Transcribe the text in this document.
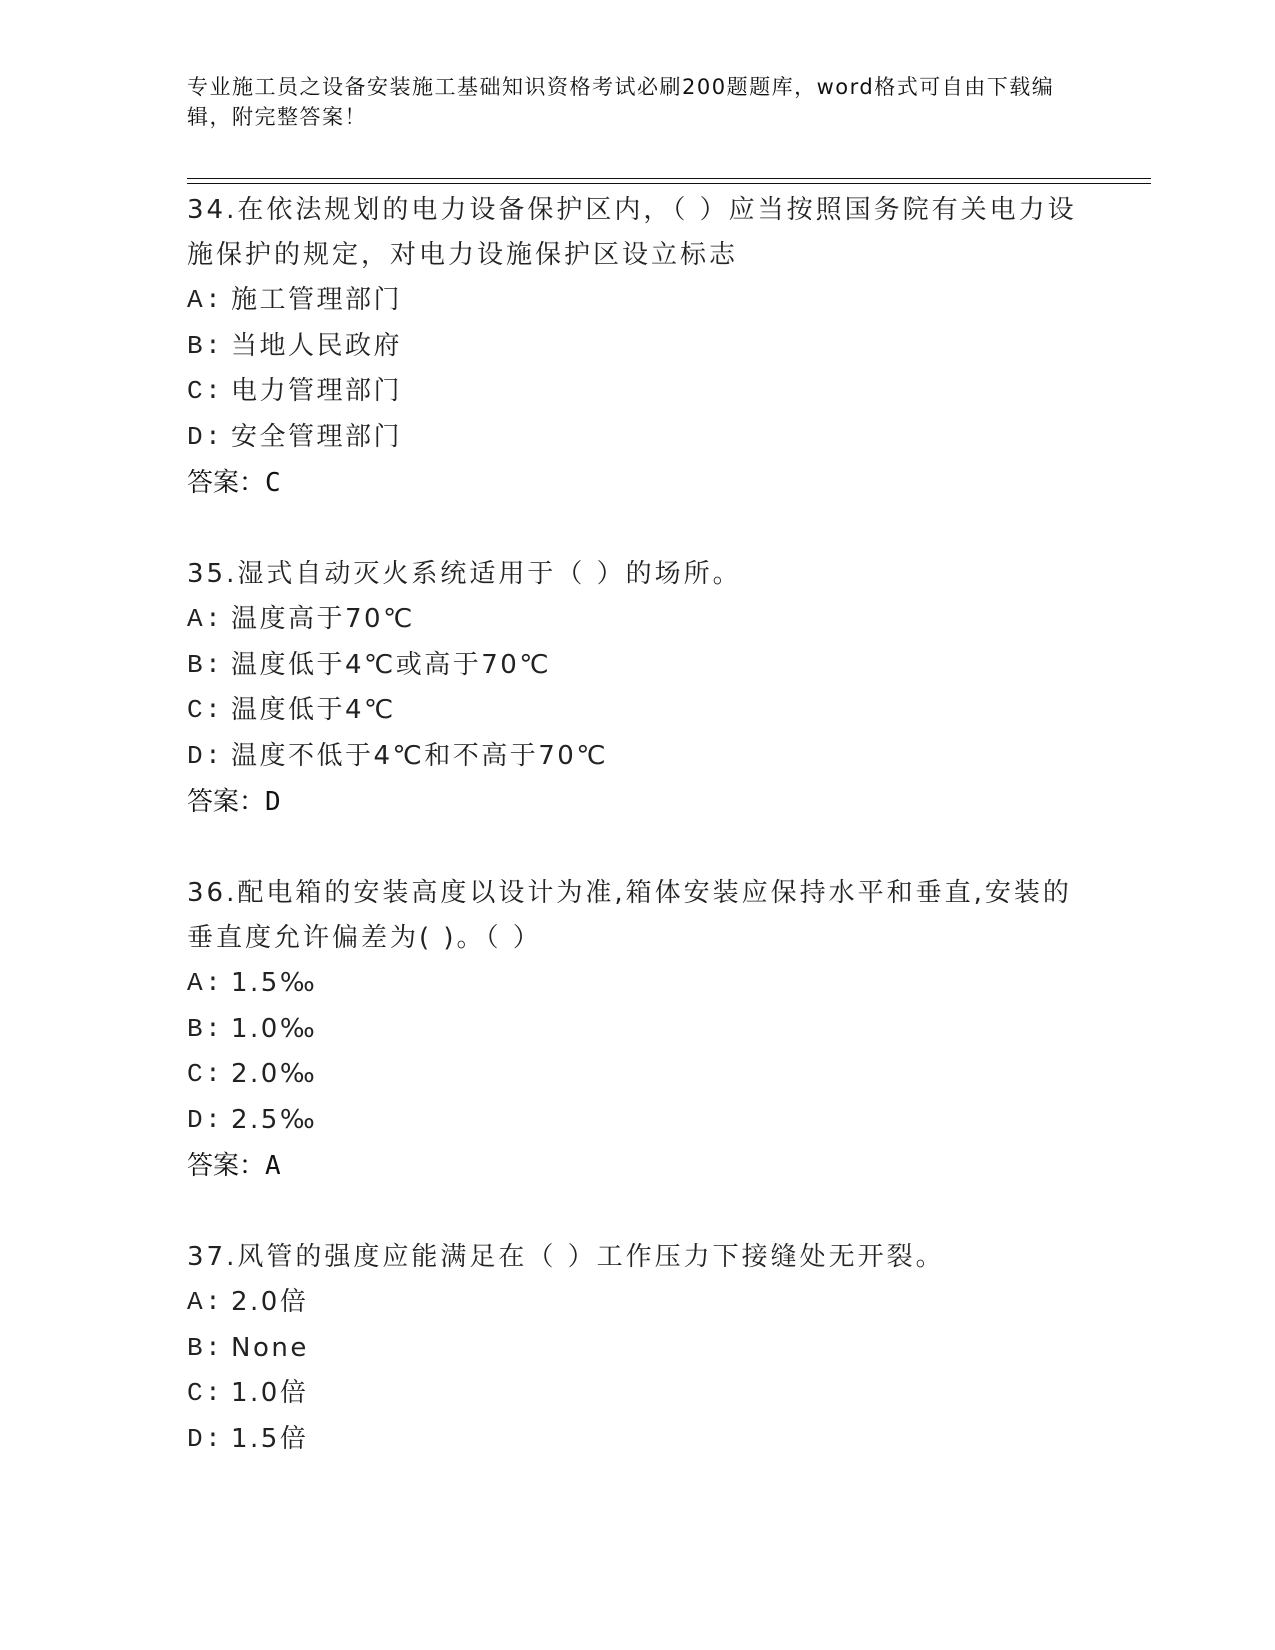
专业施工员之设备安装施工基础知识资格考试必刷200题题库，word格式可自由下载编辑，附完整答案！
34.在依法规划的电力设备保护区内，（ ）应当按照国务院有关电力设施保护的规定，对电力设施保护区设立标志
A: 施工管理部门
B: 当地人民政府
C: 电力管理部门
D: 安全管理部门
答案：C
35.湿式自动灭火系统适用于（ ）的场所。
A: 温度高于70℃
B: 温度低于4℃或高于70℃
C: 温度低于4℃
D: 温度不低于4℃和不高于70℃
答案：D
36.配电箱的安装高度以设计为准,箱体安装应保持水平和垂直,安装的垂直度允许偏差为( )。（ ）
A: 1.5‰
B: 1.0‰
C: 2.0‰
D: 2.5‰
答案：A
37.风管的强度应能满足在（ ）工作压力下接缝处无开裂。
A: 2.0倍
B: None
C: 1.0倍
D: 1.5倍
